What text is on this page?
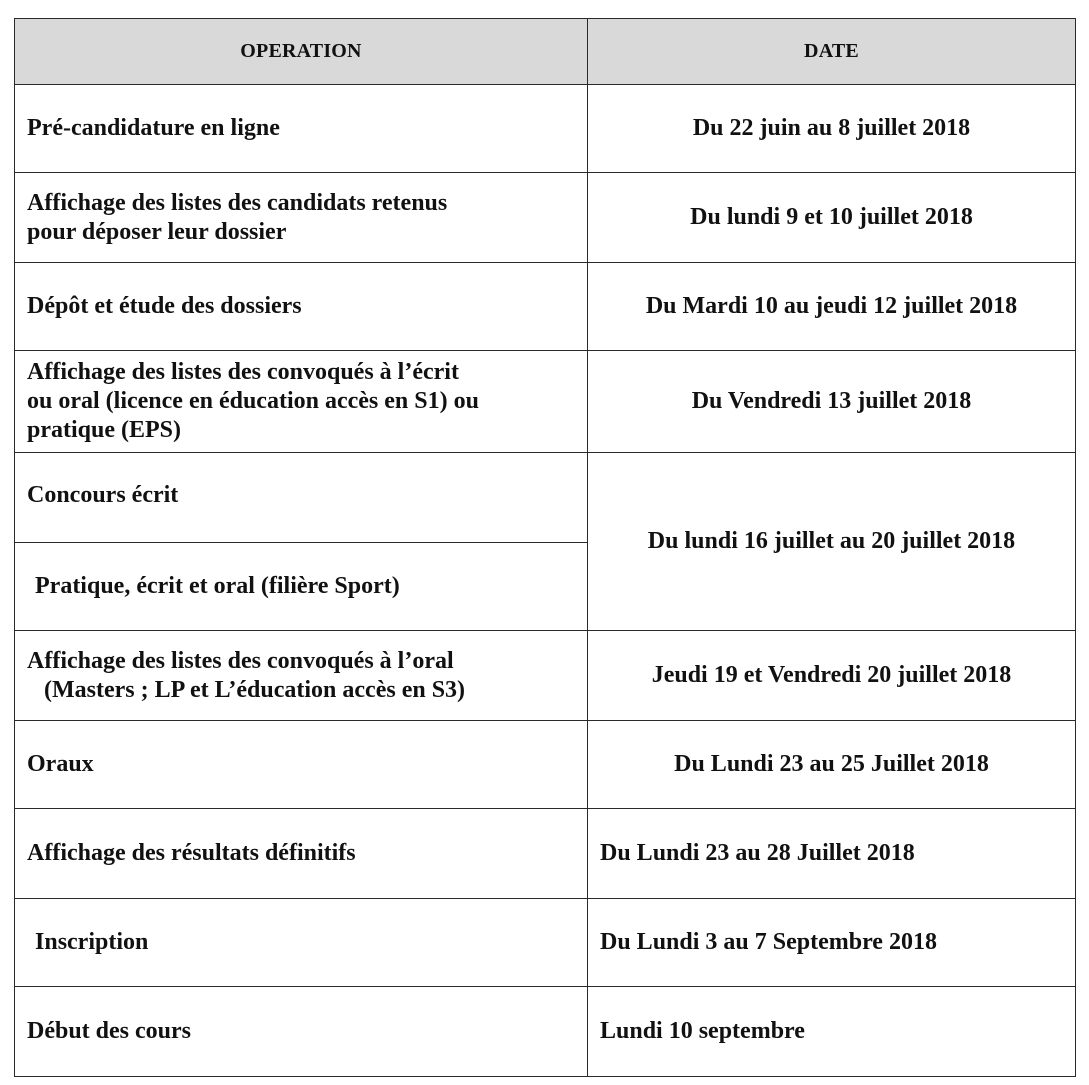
OPERATION	DATE

Pré-candidature en ligne	Du 22 juin au 8 juillet 2018

Affichage des listes des candidats retenus
pour déposer leur dossier	Du lundi 9 et 10 juillet 2018

Dépôt et étude des dossiers	Du Mardi 10 au jeudi 12 juillet 2018

Affichage des listes des convoqués à l’écrit
ou oral (licence en éducation accès en S1) ou
pratique (EPS)	Du Vendredi 13 juillet 2018

Concours écrit	Du lundi 16 juillet au 20 juillet 2018

Pratique, écrit et oral (filière Sport)	

Affichage des listes des convoqués à l’oral
(Masters ; LP et L’éducation accès en S3)	Jeudi 19 et Vendredi 20 juillet 2018

Oraux	Du Lundi 23 au 25 Juillet 2018

Affichage des résultats définitifs	Du Lundi 23 au 28 Juillet 2018

Inscription	Du Lundi 3 au 7 Septembre 2018

Début des cours	Lundi 10 septembre
